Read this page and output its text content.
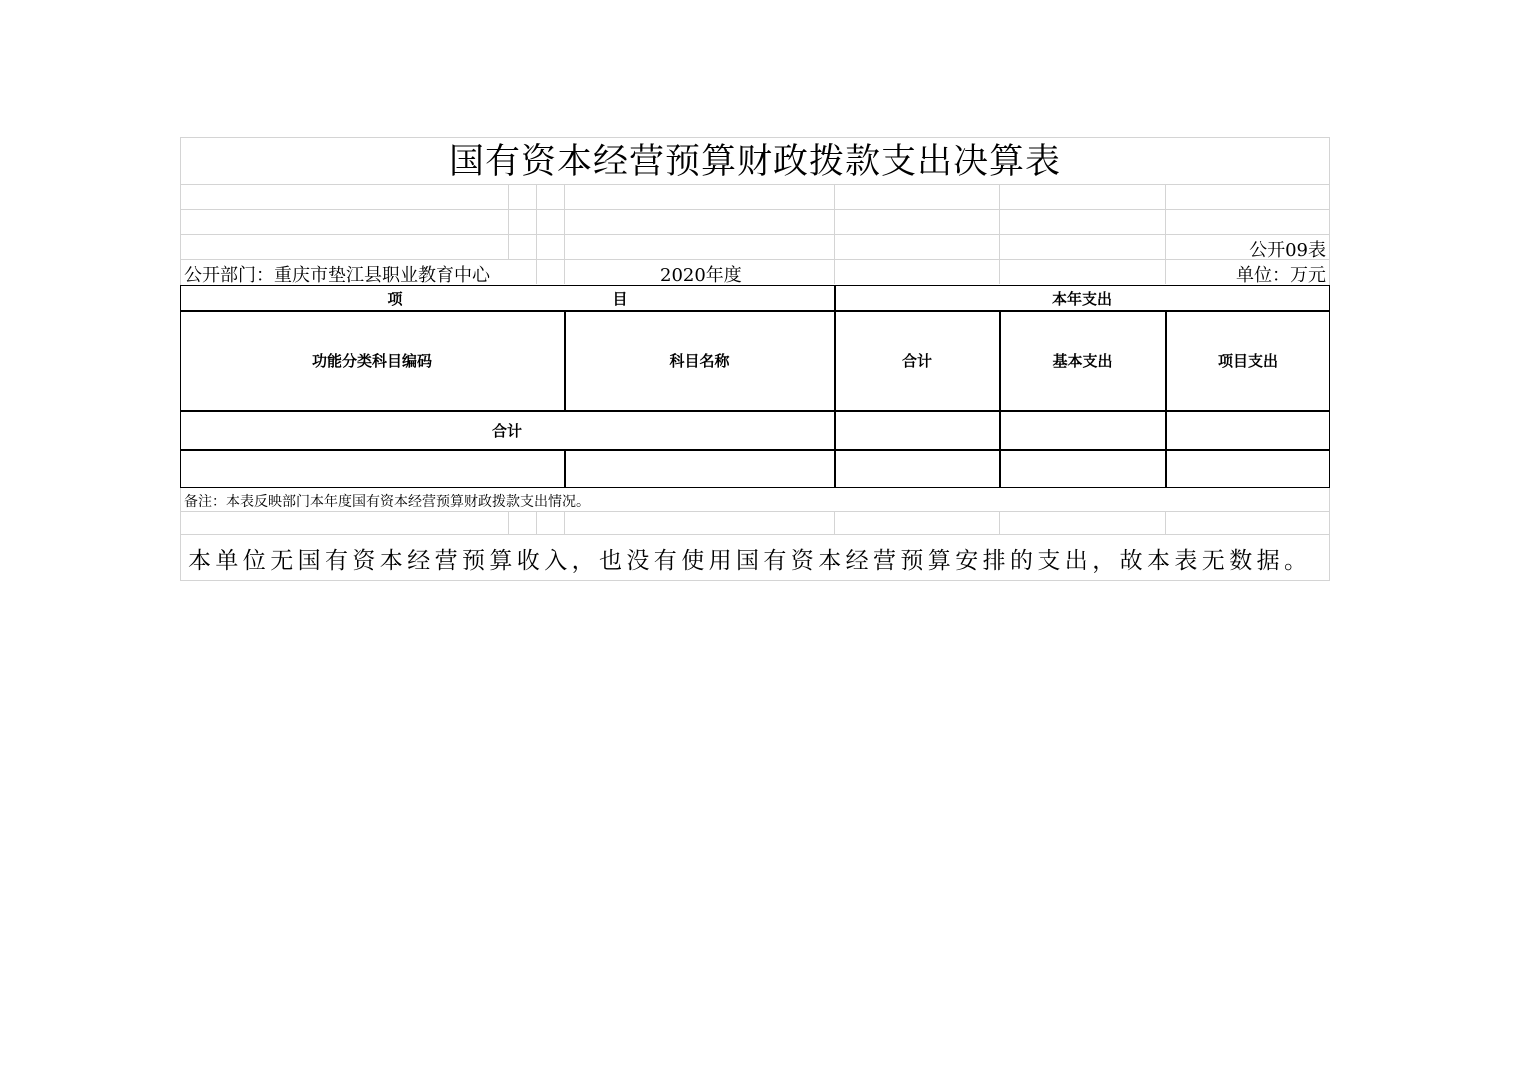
国有资本经营预算财政拨款支出决算表
公开09表
公开部门：重庆市垫江县职业教育中心	2020年度	单位：万元
项	目	本年支出
功能分类科目编码	科目名称	合计	基本支出	项目支出
合计
备注：本表反映部门本年度国有资本经营预算财政拨款支出情况。
本单位无国有资本经营预算收入，也没有使用国有资本经营预算安排的支出，故本表无数据。
